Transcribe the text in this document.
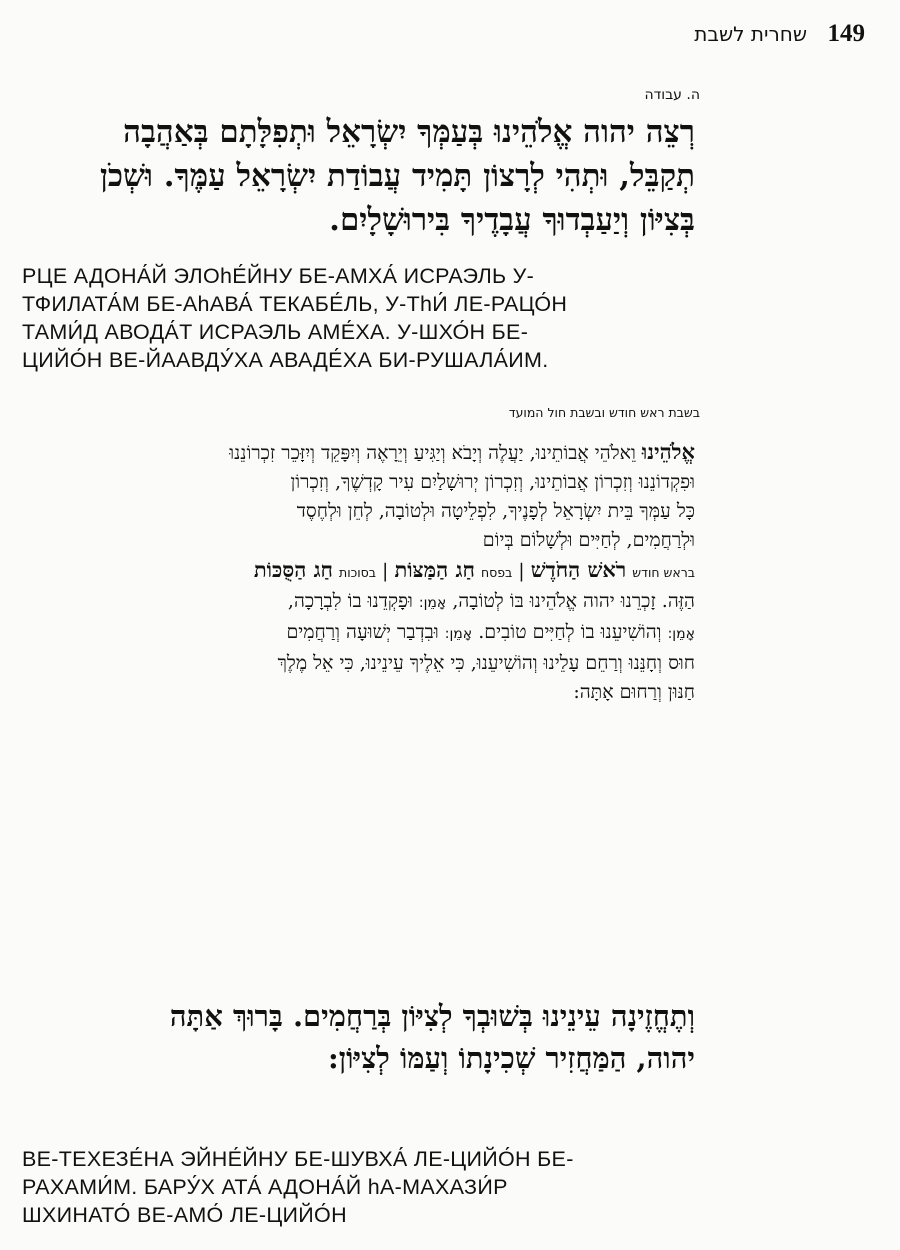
שחרית לשבת 149
ה. עבודה
רְצֵה יהוה אֱלֹהֵינוּ בְּעַמְּךָ יִשְׂרָאֵל וּתְפִלָּתָם בְּאַהֲבָה
תְקַבֵּל, וּתְהִי לְרָצוֹן תָּמִיד עֲבוֹדַת יִשְׂרָאֵל עַמֶּךָ. וּשְׁכֹן
בְּצִיּוֹן וְיַעַבְדוּךָ עֲבָדֶיךָ בִּירוּשָׁלָיִם.
РЦЕ АДОНА́Й ЭЛОhЕ́ЙНУ БЕ-АМХА́ ИСРАЭЛЬ У-
ТФИЛАТА́М БЕ-АhАВА́ ТЕКАБЕ́ЛЬ, У-ТhИ́ ЛЕ-РАЦО́Н
ТАМИ́Д АВОДА́Т ИСРАЭЛЬ АМЕ́ХА. У-ШХО́Н БЕ-
ЦИЙО́Н ВЕ-ЙААВДУ́ХА АВАДЕ́ХА БИ-РУШАЛА́ИМ.
בשבת ראש חודש ובשבת חול המועד
אֱלֹהֵינוּ וֵאלֹהֵי אֲבוֹתֵינוּ, יַעֲלֶה וְיָבֹא וְיַגִּיעַ וְיֵרָאֶה וְיִפָּקֵד וְיִזָּכֵר זִכְרוֹנֵנוּ
וּפִקְדוֹנֵנוּ וְזִכְרוֹן אֲבוֹתֵינוּ, וְזִכְרוֹן יְרוּשָׁלַיִם עִיר קָדְשֶׁךָ, וְזִכְרוֹן
כָּל עַמְּךָ בֵּית יִשְׂרָאֵל לְפָנֶיךָ, לִפְלֵיטָה וּלְטוֹבָה, לְחֵן וּלְחֶסֶד
וּלְרַחֲמִים, לְחַיִּים וּלְשָׁלוֹם בְּיוֹם
בראש חודש רֹאשׁ הַחֹדֶשׁ | בפסח חַג הַמַּצּוֹת | בסוכות חַג הַסֻּכּוֹת
הַזֶּה. זָכְרֵנוּ יהוה אֱלֹהֵינוּ בּוֹ לְטוֹבָה, אָמֵן: וּפָקְדֵנוּ בוֹ לִבְרָכָה,
אָמֵן: וְהוֹשִׁיעֵנוּ בוֹ לְחַיִּים טוֹבִים. אָמֵן: וּבִדְבַר יְשׁוּעָה וְרַחֲמִים
חוּס וְחָנֵּנוּ וְרַחֵם עָלֵינוּ וְהוֹשִׁיעֵנוּ, כִּי אֵלֶיךָ עֵינֵינוּ, כִּי אֵל מֶלֶךְ
חַנּוּן וְרַחוּם אָתָּה:
וְתֶחֱזֶינָה עֵינֵינוּ בְּשׁוּבְךָ לְצִיּוֹן בְּרַחֲמִים. בָּרוּךְ אַתָּה
יהוה, הַמַּחֲזִיר שְׁכִינָתוֹ וְעַמּוֹ לְצִיּוֹן:
ВЕ-ТЕХЕЗЕ́НА ЭЙНЕ́ЙНУ БЕ-ШУВХА́ ЛЕ-ЦИЙО́Н БЕ-
РАХАМИ́М. БАРУ́Х АТА́ АДОНА́Й hА-МАХАЗИ́Р
ШХИНАТО́ ВЕ-АМО́ ЛЕ-ЦИЙО́Н
